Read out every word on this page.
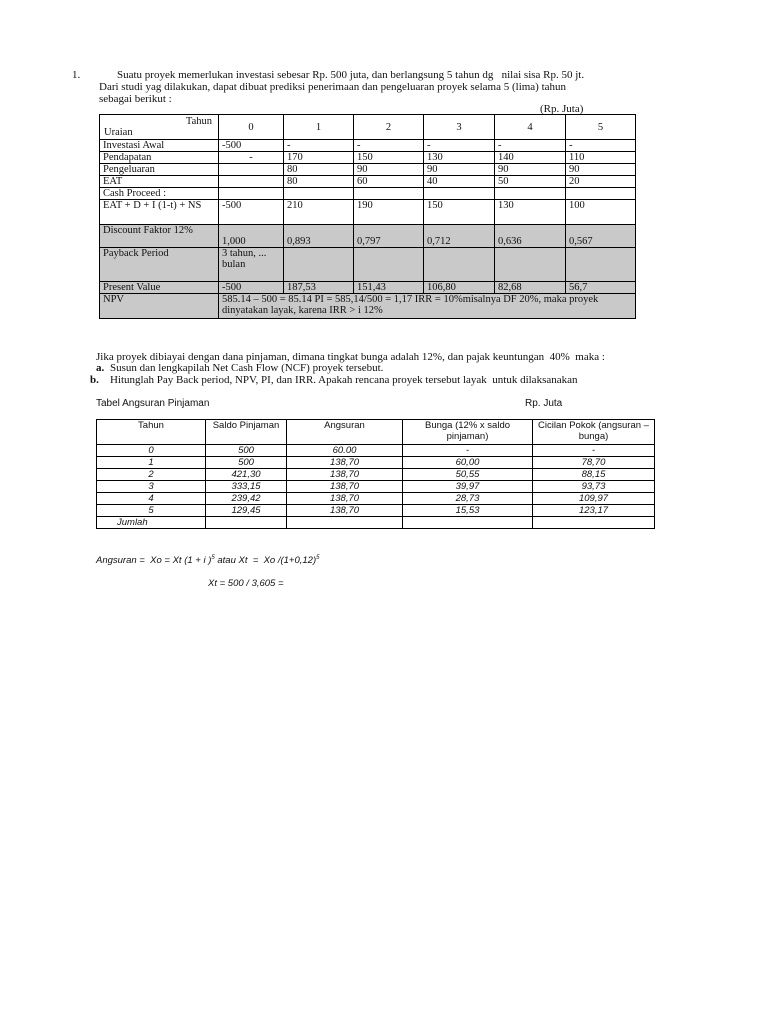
1.	Suatu proyek memerlukan investasi sebesar Rp. 500 juta, dan berlangsung 5 tahun dg   nilai sisa Rp. 50 jt.
Dari studi yag dilakukan, dapat dibuat prediksi penerimaan dan pengeluaran proyek selama 5 (lima) tahun
sebagai berikut :
(Rp. Juta)
Tahun
Uraian	0	1	2	3	4	5
Investasi Awal	-500	-	-	-	-	-
Pendapatan	-	170	150	130	140	110
Pengeluaran		80	90	90	90	90
EAT		80	60	40	50	20
Cash Proceed :						
EAT + D + I (1-t) + NS	-500	210	190	150	130	100
Discount Faktor 12%	1,000	0,893	0,797	0,712	0,636	0,567
Payback Period	3 tahun, ... bulan					
Present Value	-500	187,53	151,43	106,80	82,68	56,7
NPV	585.14 – 500 = 85.14 PI = 585,14/500 = 1,17 IRR = 10%misalnya DF 20%, maka proyek dinyatakan layak, karena IRR > i 12%					
Jika proyek dibiayai dengan dana pinjaman, dimana tingkat bunga adalah 12%, dan pajak keuntungan  40%  maka :
a. Susun dan lengkapilah Net Cash Flow (NCF) proyek tersebut.
b. Hitunglah Pay Back period, NPV, PI, dan IRR. Apakah rencana proyek tersebut layak  untuk dilaksanakan
Tabel Angsuran Pinjaman	Rp. Juta
Tahun	Saldo Pinjaman	Angsuran	Bunga (12% x saldo pinjaman)	Cicilan Pokok (angsuran – bunga)
0	500	60.00	-	-
1	500	138,70	60,00	78,70
2	421,30	138,70	50,55	88,15
3	333,15	138,70	39,97	93,73
4	239,42	138,70	28,73	109,97
5	129,45	138,70	15,53	123,17
Jumlah				
Angsuran =  Xo = Xt (1 + i )$^5$ atau Xt  =  Xo $/(1+0,12)^5$
Xt = 500 / 3,605 =
